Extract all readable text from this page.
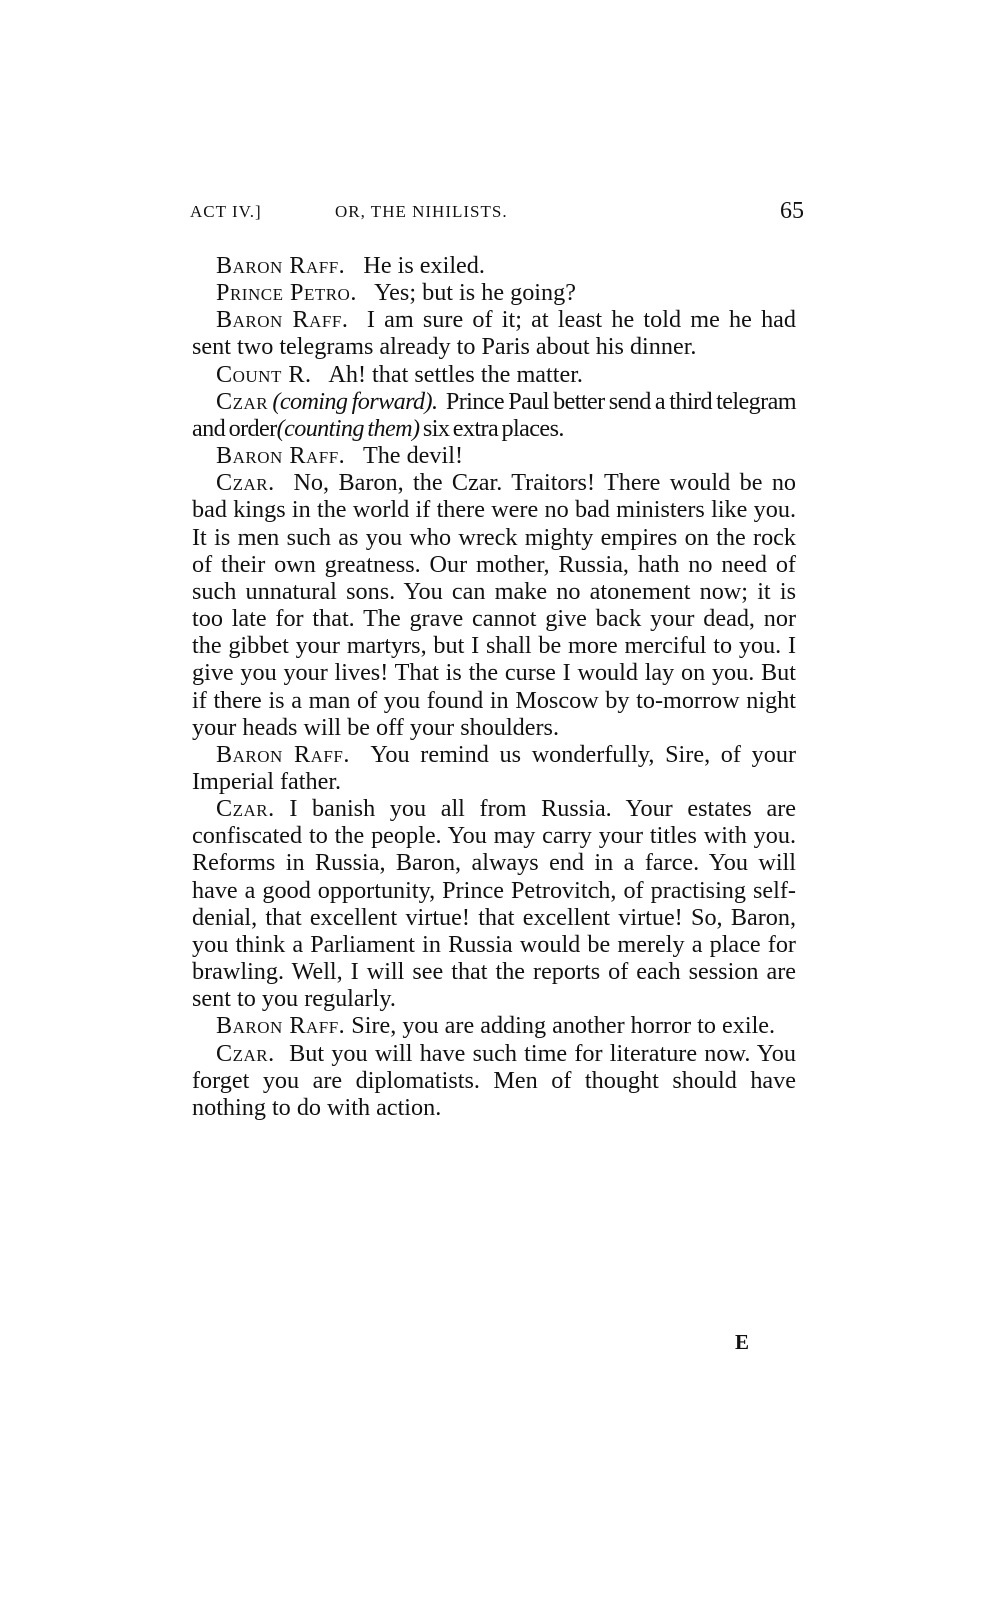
ACT IV.]	OR, THE NIHILISTS.	65

Baron Raff. He is exiled.

Prince Petro. Yes; but is he going?

Baron Raff. I am sure of it; at least he told me he had sent two telegrams already to Paris about his dinner.

Count R. Ah! that settles the matter.

Czar (coming forward). Prince Paul better send a third telegram and order(counting them) six extra places.

Baron Raff. The devil!

Czar. No, Baron, the Czar. Traitors! There would be no bad kings in the world if there were no bad ministers like you. It is men such as you who wreck mighty empires on the rock of their own greatness. Our mother, Russia, hath no need of such unnatural sons. You can make no atonement now; it is too late for that. The grave cannot give back your dead, nor the gibbet your martyrs, but I shall be more merciful to you. I give you your lives! That is the curse I would lay on you. But if there is a man of you found in Moscow by to-morrow night your heads will be off your shoulders.

Baron Raff. You remind us wonderfully, Sire, of your Imperial father.

Czar. I banish you all from Russia. Your estates are confiscated to the people. You may carry your titles with you. Reforms in Russia, Baron, always end in a farce. You will have a good opportunity, Prince Petrovitch, of practising self-denial, that excellent virtue! that excellent virtue! So, Baron, you think a Parliament in Russia would be merely a place for brawling. Well, I will see that the reports of each session are sent to you regularly.

Baron Raff. Sire, you are adding another horror to exile.

Czar. But you will have such time for literature now. You forget you are diplomatists. Men of thought should have nothing to do with action.

E
